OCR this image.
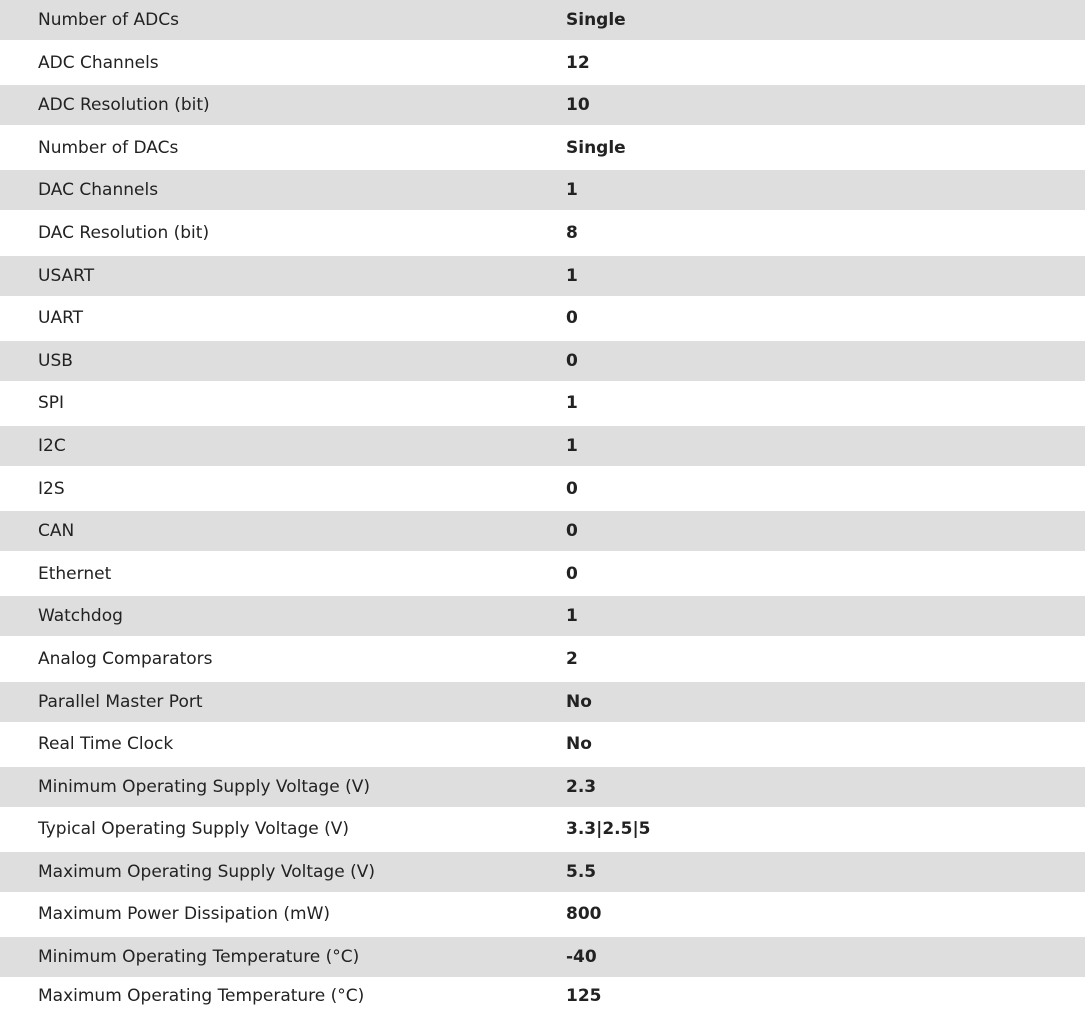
Number of ADCs	Single
ADC Channels	12
ADC Resolution (bit)	10
Number of DACs	Single
DAC Channels	1
DAC Resolution (bit)	8
USART	1
UART	0
USB	0
SPI	1
I2C	1
I2S	0
CAN	0
Ethernet	0
Watchdog	1
Analog Comparators	2
Parallel Master Port	No
Real Time Clock	No
Minimum Operating Supply Voltage (V)	2.3
Typical Operating Supply Voltage (V)	3.3|2.5|5
Maximum Operating Supply Voltage (V)	5.5
Maximum Power Dissipation (mW)	800
Minimum Operating Temperature (°C)	-40
Maximum Operating Temperature (°C)	125
